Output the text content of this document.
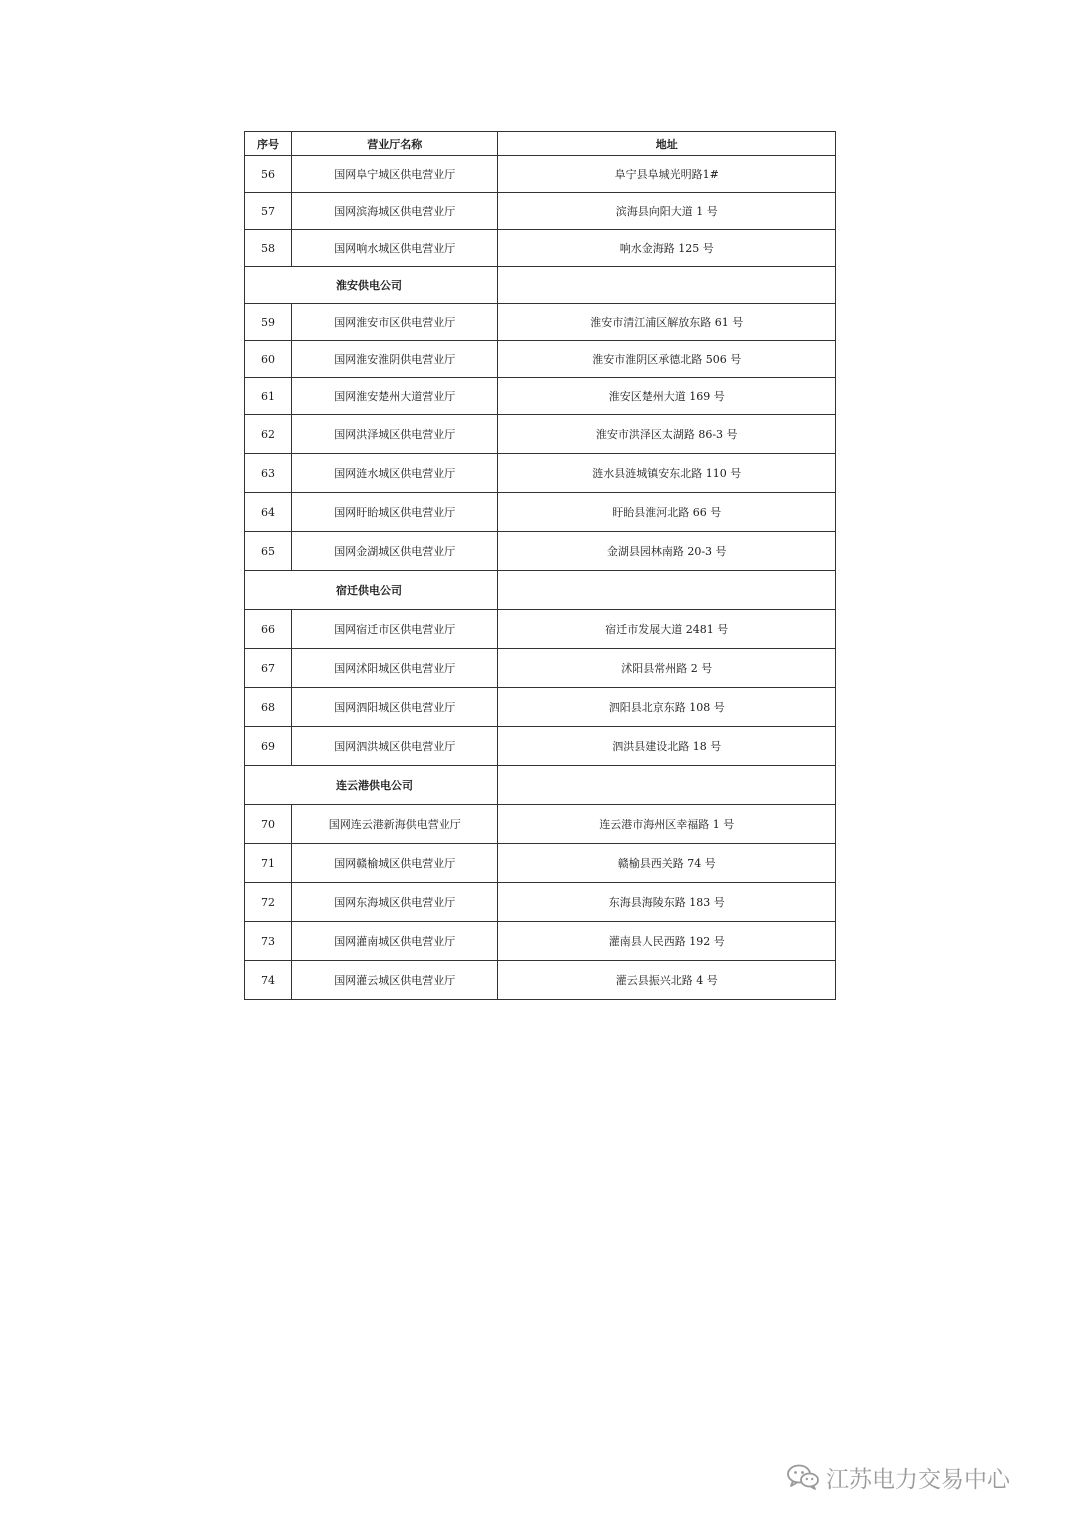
序号	营业厅名称	地址
56	国网阜宁城区供电营业厅	阜宁县阜城光明路1#
57	国网滨海城区供电营业厅	滨海县向阳大道 1 号
58	国网响水城区供电营业厅	响水金海路 125 号
淮安供电公司		
59	国网淮安市区供电营业厅	淮安市清江浦区解放东路 61 号
60	国网淮安淮阴供电营业厅	淮安市淮阴区承德北路 506 号
61	国网淮安楚州大道营业厅	淮安区楚州大道 169 号
62	国网洪泽城区供电营业厅	淮安市洪泽区太湖路 86-3 号
63	国网涟水城区供电营业厅	涟水县涟城镇安东北路 110 号
64	国网盱眙城区供电营业厅	盱眙县淮河北路 66 号
65	国网金湖城区供电营业厅	金湖县园林南路 20-3 号
宿迁供电公司		
66	国网宿迁市区供电营业厅	宿迁市发展大道 2481 号
67	国网沭阳城区供电营业厅	沭阳县常州路 2 号
68	国网泗阳城区供电营业厅	泗阳县北京东路 108 号
69	国网泗洪城区供电营业厅	泗洪县建设北路 18 号
连云港供电公司		
70	国网连云港新海供电营业厅	连云港市海州区幸福路 1 号
71	国网赣榆城区供电营业厅	赣榆县西关路 74 号
72	国网东海城区供电营业厅	东海县海陵东路 183 号
73	国网灌南城区供电营业厅	灌南县人民西路 192 号
74	国网灌云城区供电营业厅	灌云县振兴北路 4 号
江苏电力交易中心
